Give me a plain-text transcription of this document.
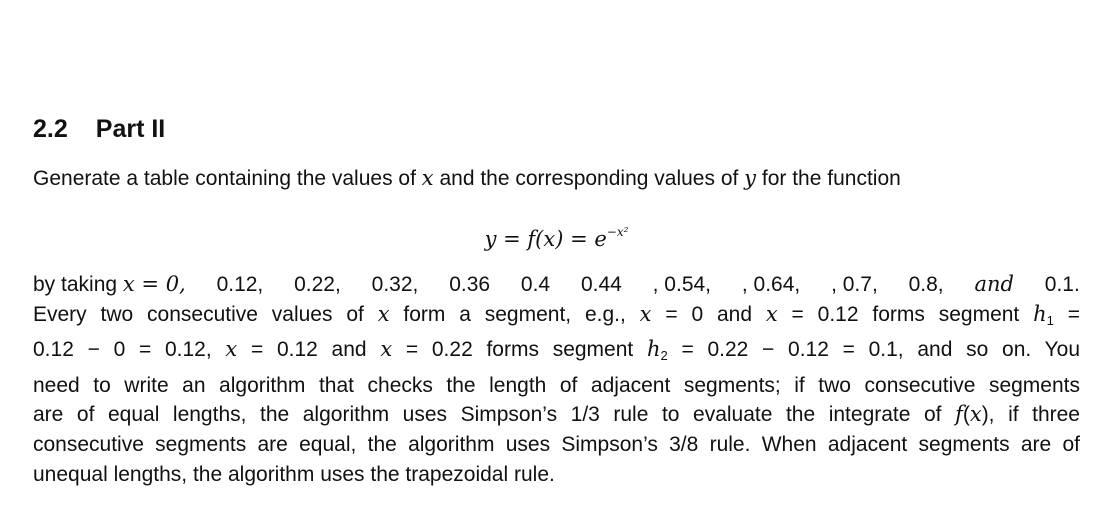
2.2 Part II
Generate a table containing the values of x and the corresponding values of y for the function
$y = f(x) = e^{-x^2}$
by taking x = 0, 0.12, 0.22, 0.32, 0.36 0.4 0.44 , 0.54, , 0.64, , 0.7, 0.8, and 0.1.
Every two consecutive values of x form a segment, e.g., x = 0 and x = 0.12 forms segment $h_1$ =
0.12 − 0 = 0.12, x = 0.12 and x = 0.22 forms segment $h_2 = 0.22 - 0.12 = 0.1$, and so on. You
need to write an algorithm that checks the length of adjacent segments; if two consecutive segments
are of equal lengths, the algorithm uses Simpson’s 1/3 rule to evaluate the integrate of f(x), if three
consecutive segments are equal, the algorithm uses Simpson’s 3/8 rule. When adjacent segments are of
unequal lengths, the algorithm uses the trapezoidal rule.
